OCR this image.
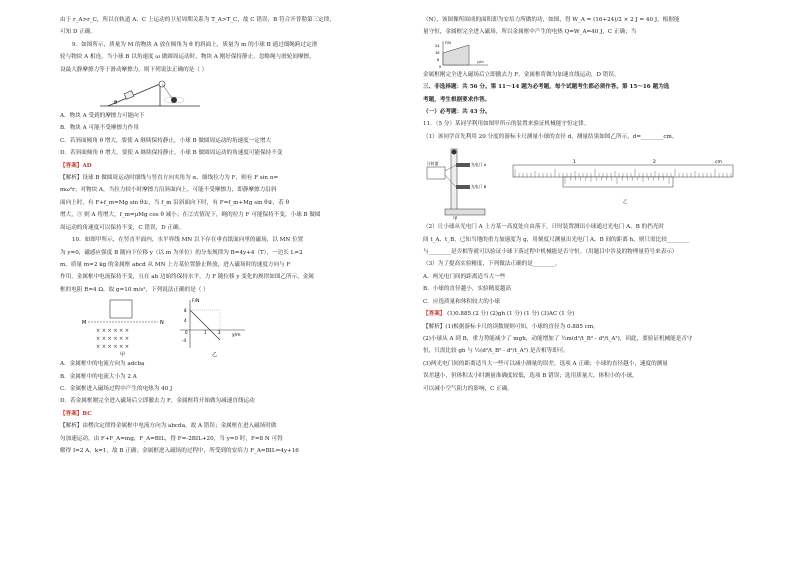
由于 r_A>r_C，所以在轨道 A、C 上运动的卫星周期关系为 T_A>T_C，故 C 错误；B 符合开普勒第三定律，

可知 D 正确。

9．如图所示，质量为 M 的物块 A 放在倾角为 θ 的斜面上，质量为 m 的小球 B 通过细绳跨过定滑

轮与物块 A 相连，当小球 B 以角速度 ω 做圆周运动时，物块 A 刚好保持静止。忽略绳与滑轮间摩擦，

设最大静摩擦力等于滑动摩擦力。则下列说法正确的是（ ）

θ

A．物块 A 受到的摩擦力可能向下

B．物块 A 可能不受摩擦力作用

C．若斜面倾角 θ 增大，要使 A 继续保持静止，小球 B 做圆周运动的角速度一定增大

D．若斜面倾角 θ 增大，要使 A 继续保持静止，小球 B 做圆周运动的角速度可能保持不变

【答案】AD

【解析】设球 B 做圆周运动时细线与竖直方向夹角为 α，细线拉力为 F，则有 F sin α=

mω²r；对物块 A，当拉力较小时摩擦力沿斜面向上，可能不受摩擦力，即静摩擦力沿斜

面向上时，有 F+f_m=Mg sin θ①，当 f_m 沿斜面向下时，有 F=f_m+Mg sin θ②，若 θ

增大，③ 则 A 将增大，f_m=μMg cos θ 减小；在②式情况下，绳的拉力 F 可能保持不变，小球 B 做圆

周运动的角速度可以保持不变，C 错误，D 正确。

10．如图甲所示，在竖直平面内，水平界线 MN 以下存在垂直纸面向里的磁场，以 MN 位置

为 y=0，磁感应强度 B 随向下位移 y（以 m 为单位）的分布规律为 B=4y+4（T），一边长 L=2

m、质量 m=2 kg 的金属框 abcd 从 MN 上方某位置静止释放，进入磁场时的速度方向与 F

作用，金属框中电流保持不变，且在 ab 边始终保持水平，力 F 随位移 y 变化的规律如图乙所示，金属

框的电阻 R=4 Ω，取 g=10 m/s²，下列说法正确的是（ ）

M	N
× × × × × ×
× × × × × ×
× × × × × ×
甲
F/N
y/m
8
4
0	1	2
-4
乙

A．金属框中的电流方向为 adcba

B．金属框中的电流大小为 2 A

C．金属框进入磁场过程中产生的电热为 40 J

D．若金属框刚完全进入磁场后立即撤去力 F，金属框将开始做匀减速直线运动

【答案】BC

【解析】由楞次定律得金属框中电流方向为 abcda，故 A 错误；金属框在进入磁场时做

匀加速运动，由 F+F_A=mg，F_A=BIL，得 F=-2BIL+20，当 y=0 时，F=8 N 可得

解得 I=2 A，k=1，故 B 正确；金属框进入磁场的过程中，所受到的安培力 F_A=BIL=4y+16

（N），该图像所围成的面积即为安培力所做的功，如图，得 W_A = (16+24)/2 × 2 J = 40 J，根据能

量守恒，金属框完全进入磁场，所以金属框中产生的电热 Q=W_A=40 J，C 正确；当

24
16
8
0
F/N
y/m

金属框刚完全进入磁场后立即撤去力 F，金属框将做匀加速直线运动，D 错误。

三、非选择题：共 56 分。第 11～14 题为必考题，每个试题考生都必须作答。第 15～16 题为选

考题，考生根据要求作答。

（一）必考题：共 43 分。

11．（5 分）某同学利用如图甲所示的装置来验证机械能守恒定律。

（1）该同学首先利用 20 分度的游标卡尺测量小球的直径 d，测量结果如图乙所示，d=________cm。

光电门 A
计时器
光电门 B
甲
1	2	cm
乙

（2）让小球从光电门 A 上方某一高度处自由落下，计时装置测出小球通过光电门 A、B 的挡光时

间 t_A、t_B，已知当地的重力加速度为 g，用刻度尺测量出光电门 A、B 间的距离 h，则只需比较________

与________是否相等就可以验证小球下落过程中机械能是否守恒。（用题目中涉及的物理量符号来表示）

（3）为了提高实验精度，下列做法正确的是________。

A．两光电门间的距离适当大一些

B．小球的直径越小，实验精度越高

C．应选质量和体积较大的小球

【答案】 (1)0.885 (2 分) (2)gh (1 分) (1 分) (3)AC (1 分)

【解析】(1)根据游标卡尺的读数规则可知，小球的直径为 0.885 cm。

(2)小球从 A 到 B，重力势能减少了 mgh，动能增加了 ½m(d²/t_B² - d²/t_A²)，因此，要验证机械能是否守

恒，只需比较 gh 与 ½(d²/t_B² - d²/t_A²) 是否相等即可。

(3)两光电门间的距离适当大一些可以减小测量的误差，选项 A 正确；小球的直径越小，速度的测量

误差越小，但体积太小时测量准确度较低，选项 B 错误；选用质量大、体积小的小球，

可以减小空气阻力的影响，C 正确。
